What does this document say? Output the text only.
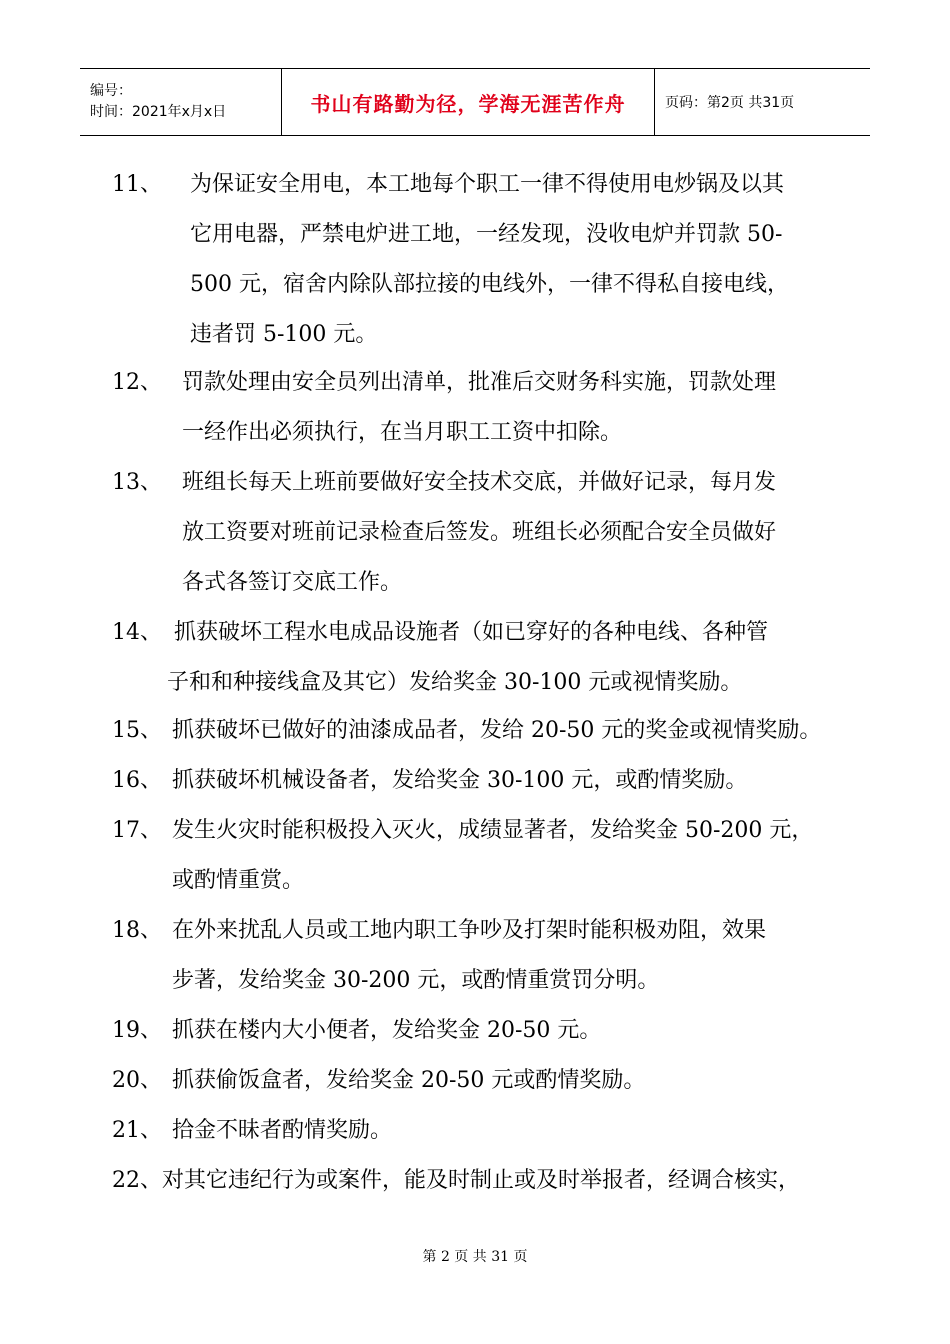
编号：
时间：2021年x月x日	书山有路勤为径，学海无涯苦作舟	页码：第2页 共31页
11、 为保证安全用电，本工地每个职工一律不得使用电炒锅及以其
它用电器，严禁电炉进工地，一经发现，没收电炉并罚款 50-
500 元，宿舍内除队部拉接的电线外，一律不得私自接电线，
违者罚 5-100 元。
12、 罚款处理由安全员列出清单，批准后交财务科实施，罚款处理
一经作出必须执行，在当月职工工资中扣除。
13、 班组长每天上班前要做好安全技术交底，并做好记录，每月发
放工资要对班前记录检查后签发。班组长必须配合安全员做好
各式各签订交底工作。
14、 抓获破坏工程水电成品设施者（如已穿好的各种电线、各种管
子和和种接线盒及其它）发给奖金 30-100 元或视情奖励。
15、 抓获破坏已做好的油漆成品者，发给 20-50 元的奖金或视情奖励。
16、 抓获破坏机械设备者，发给奖金 30-100 元，或酌情奖励。
17、 发生火灾时能积极投入灭火，成绩显著者，发给奖金 50-200 元，
或酌情重赏。
18、 在外来扰乱人员或工地内职工争吵及打架时能积极劝阻，效果
步著，发给奖金 30-200 元，或酌情重赏罚分明。
19、 抓获在楼内大小便者，发给奖金 20-50 元。
20、 抓获偷饭盒者，发给奖金 20-50 元或酌情奖励。
21、 拾金不昧者酌情奖励。
22、 对其它违纪行为或案件，能及时制止或及时举报者，经调合核实，
第 2 页 共 31 页
